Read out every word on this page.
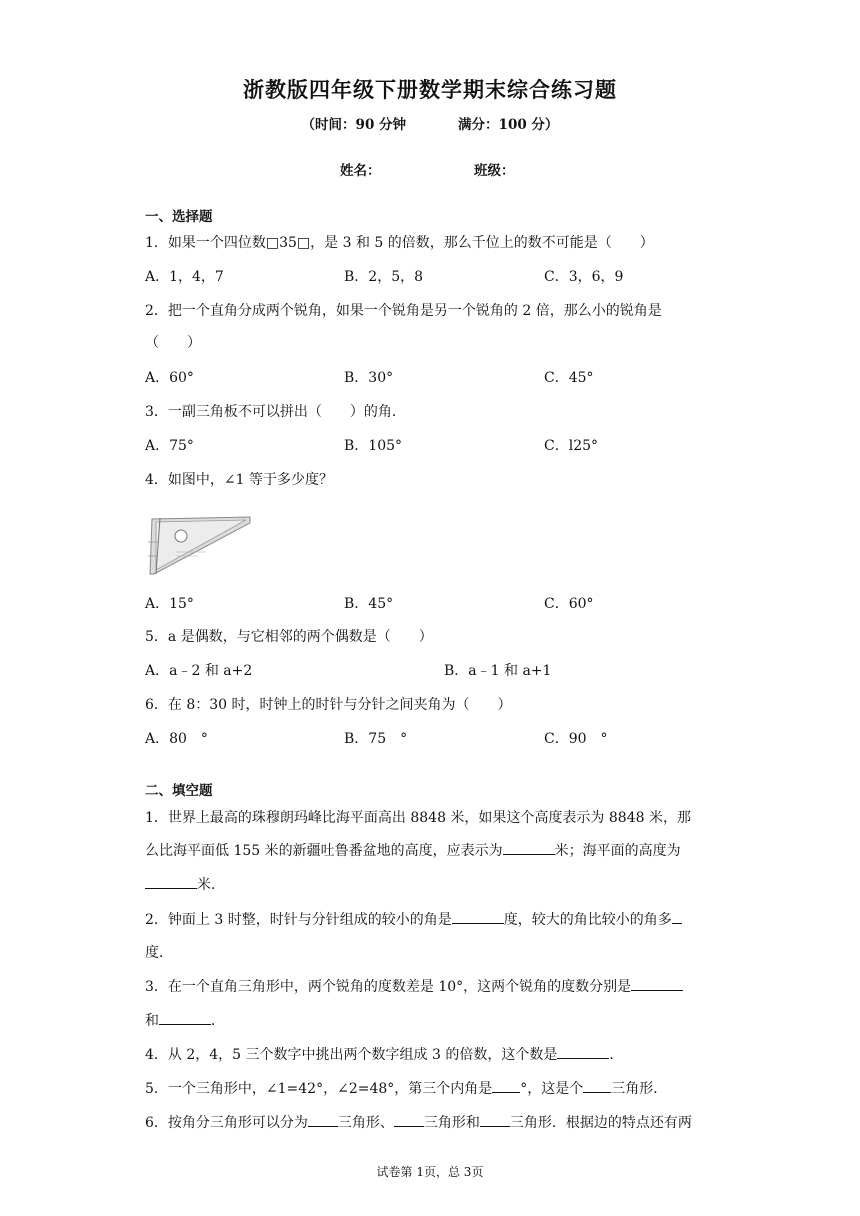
浙教版四年级下册数学期末综合练习题
（时间：90 分钟	满分：100 分）
姓名：	班级：
一、选择题
1．如果一个四位数□35□，是 3 和 5 的倍数，那么千位上的数不可能是（　　）
A．1，4，7	B．2，5，8	C．3，6，9
2．把一个直角分成两个锐角，如果一个锐角是另一个锐角的 2 倍，那么小的锐角是
（　　）
A．60°	B．30°	C．45°
3．一副三角板不可以拼出（　　）的角．
A．75°	B．105°	C．l25°
4．如图中，∠1 等于多少度？
A．15°	B．45°	C．60°
5．a 是偶数，与它相邻的两个偶数是（　　）
A．a﹣2 和 a+2	B．a﹣1 和 a+1
6．在 8：30 时，时钟上的时针与分针之间夹角为（　　）
A．80　°	B．75　°	C．90　°
二、填空题
1．世界上最高的珠穆朗玛峰比海平面高出 8848 米，如果这个高度表示为 8848 米，那
么比海平面低 155 米的新疆吐鲁番盆地的高度，应表示为	米；海平面的高度为
米．
2．钟面上 3 时整，时针与分针组成的较小的角是	度，较大的角比较小的角多
度．
3．在一个直角三角形中，两个锐角的度数差是 10°，这两个锐角的度数分别是
和	．
4．从 2，4，5 三个数字中挑出两个数字组成 3 的倍数，这个数是	．
5．一个三角形中，∠1=42°，∠2=48°，第三个内角是 °，这是个 三角形．
6．按角分三角形可以分为 三角形、 三角形和 三角形．根据边的特点还有两
试卷第 1页，总 3页
